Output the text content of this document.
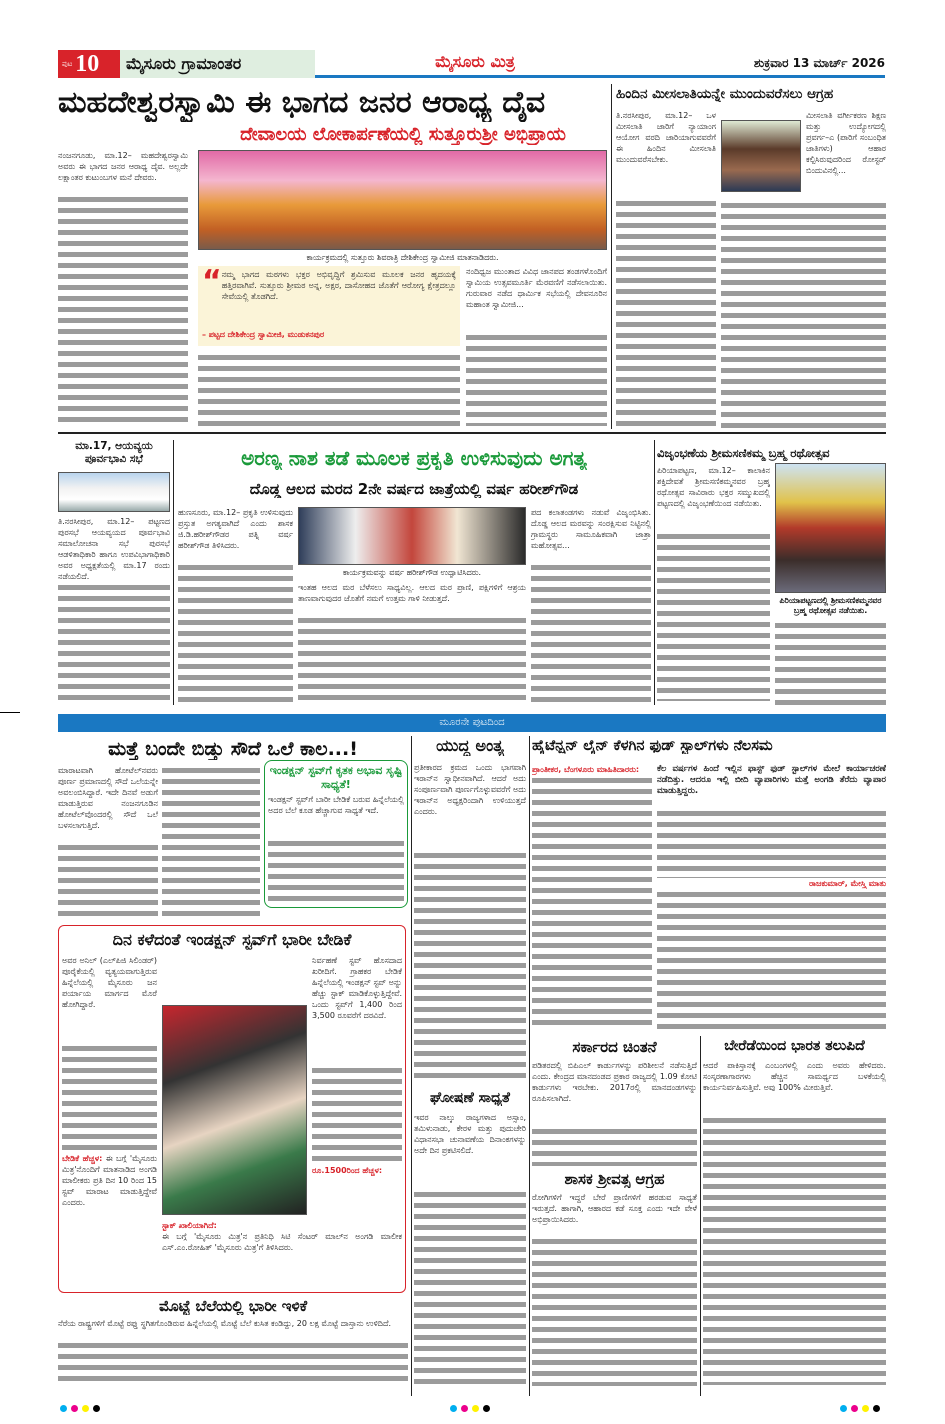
ಪುಟ 10 ಮೈಸೂರು ಗ್ರಾಮಾಂತರ	ಮೈಸೂರು ಮಿತ್ರ	ಶುಕ್ರವಾರ 13 ಮಾರ್ಚ್ 2026
ಮಹದೇಶ್ವರಸ್ವಾಮಿ ಈ ಭಾಗದ ಜನರ ಆರಾಧ್ಯ ದೈವ
ದೇವಾಲಯ ಲೋಕಾರ್ಪಣೆಯಲ್ಲಿ ಸುತ್ತೂರುಶ್ರೀ ಅಭಿಪ್ರಾಯ

ನಂಜನಗೂಡು, ಮಾ.12– ಮಹದೇಶ್ವರಸ್ವಾಮಿ ಅವರು ಈ ಭಾಗದ ಜನರ ಆರಾಧ್ಯ ದೈವ. ಅಲ್ಲದೇ ಲಕ್ಷಾಂತರ ಕುಟುಂಬಗಳ ಮನೆ ದೇವರು.

ಕಾರ್ಯಕ್ರಮದಲ್ಲಿ ಸುತ್ತೂರು ಶಿವರಾತ್ರಿ ದೇಶಿಕೇಂದ್ರ ಸ್ವಾಮೀಜಿ ಮಾತನಾಡಿದರು.
“ ನಮ್ಮ ಭಾಗದ ಮಠಗಳು ಭಕ್ತರ ಅಭಿವೃದ್ಧಿಗೆ ಶ್ರಮಿಸುವ ಮೂಲಕ ಜನರ ಹೃದಯಕ್ಕೆ ಹತ್ತಿರವಾಗಿವೆ. ಸುತ್ತೂರು ಶ್ರೀಮಠ ಅನ್ನ, ಅಕ್ಷರ, ದಾಸೋಹದ ಜೊತೆಗೆ ಆರೋಗ್ಯ ಕ್ಷೇತ್ರದಲ್ಲೂ ಸೇವೆಯಲ್ಲಿ ತೊಡಗಿದೆ.

– ಪಟ್ಟದ ದೇಶಿಕೇಂದ್ರ ಸ್ವಾಮೀಜಿ, ಮುಡುಕನಪುರ

ನಂದಿಧ್ವಜ ಮುಂತಾದ ವಿವಿಧ ಜಾನಪದ ತಂಡಗಳೊಂದಿಗೆ ಸ್ವಾಮಿಯ ಉತ್ಸವಮೂರ್ತಿ ಮೆರವಣಿಗೆ ನಡೆಸಲಾಯಿತು. ಗುರುವಾರ ನಡೆದ ಧಾರ್ಮಿಕ ಸಭೆಯಲ್ಲಿ ದೇವನೂರಿನ ಮಹಾಂತ ಸ್ವಾಮೀಜಿ...

ಹಿಂದಿನ ಮೀಸಲಾತಿಯನ್ನೇ ಮುಂದುವರೆಸಲು ಆಗ್ರಹ

ತಿ.ನರಸೀಪುರ, ಮಾ.12– ಒಳ ಮೀಸಲಾತಿ ಜಾರಿಗೆ ನ್ಯಾಯಾಂಗ ಆಯೋಗ ವರದಿ ಜಾರಿಯಾಗುವವರೆಗೆ ಈ ಹಿಂದಿನ ಮೀಸಲಾತಿ ಮುಂದುವರೆಸಬೇಕು.

ಮೀಸಲಾತಿ ವರ್ಗೀಕರಣ ಶಿಕ್ಷಣ ಮತ್ತು ಉದ್ಯೋಗದಲ್ಲಿ ಪ್ರವರ್ಗ–ಎ (ಪಾರಿಗೆ ಸಂಬಂಧಿತ ಜಾತಿಗಳು) ಆಹಾರ ಕಲ್ಪಿಸಿರುವುದರಿಂದ ರೋಸ್ಟರ್ ಬಿಂದುವಿನಲ್ಲಿ...

ಮಾ.17, ಆಯವ್ಯಯ ಪೂರ್ವಭಾವಿ ಸಭೆ

ತಿ.ನರಸೀಪುರ, ಮಾ.12– ಪಟ್ಟಣದ ಪುರಸಭೆ ಆಯವ್ಯಯದ ಪೂರ್ವಭಾವಿ ಸಮಾಲೋಚನಾ ಸಭೆ ಪುರಸಭೆ ಆಡಳಿತಾಧಿಕಾರಿ ಹಾಗೂ ಉಪವಿಭಾಗಾಧಿಕಾರಿ ಅವರ ಅಧ್ಯಕ್ಷತೆಯಲ್ಲಿ ಮಾ.17 ರಂದು ನಡೆಯಲಿದೆ.

ಅರಣ್ಯ ನಾಶ ತಡೆ ಮೂಲಕ ಪ್ರಕೃತಿ ಉಳಿಸುವುದು ಅಗತ್ಯ
ದೊಡ್ಡ ಆಲದ ಮರದ 2ನೇ ವರ್ಷದ ಜಾತ್ರೆಯಲ್ಲಿ ವರ್ಷ ಹರೀಶ್‌ಗೌಡ

ಹುಣಸೂರು, ಮಾ.12– ಪ್ರಕೃತಿ ಉಳಿಸುವುದು ಪ್ರಸ್ತುತ ಅಗತ್ಯವಾಗಿದೆ ಎಂದು ಶಾಸಕ ಜಿ.ಡಿ.ಹರೀಶ್‌ಗೌಡರ ಪತ್ನಿ ವರ್ಷ ಹರೀಶ್‌ಗೌಡ ತಿಳಿಸಿದರು.

ಕಾರ್ಯಕ್ರಮವನ್ನು ವರ್ಷ ಹರೀಶ್‌ಗೌಡ ಉದ್ಘಾಟಿಸಿದರು.

ಇಂತಹ ಆಲದ ಮರ ಬೆಳೆಸಲು ಸಾಧ್ಯವಿಲ್ಲ. ಆಲದ ಮರ ಪ್ರಾಣಿ, ಪಕ್ಷಿಗಳಿಗೆ ಆಶ್ರಯ ತಾಣವಾಗುವುದರ ಜೊತೆಗೆ ನಮಗೆ ಉತ್ತಮ ಗಾಳಿ ನೀಡುತ್ತದೆ.

ಪದ ಕಲಾತಂಡಗಳು ನಡುವೆ ವಿಜೃಂಭಿಸಿತು. ದೊಡ್ಡ ಆಲದ ಮರವನ್ನು ಸಂರಕ್ಷಿಸುವ ನಿಟ್ಟಿನಲ್ಲಿ ಗ್ರಾಮಸ್ಥರು ಸಾಮೂಹಿಕವಾಗಿ ಜಾತ್ರಾ ಮಹೋತ್ಸವ...

ವಿಜೃಂಭಣೆಯ ಶ್ರೀಮಸಣಿಕಮ್ಮ ಬ್ರಹ್ಮ ರಥೋತ್ಸವ

ಪಿರಿಯಾಪಟ್ಟಣ, ಮಾ.12– ಕಾಲಾಕಿನ ಶಕ್ತಿದೇವತೆ ಶ್ರೀಮಸಣಿಕಮ್ಮನವರ ಬ್ರಹ್ಮ ರಥೋತ್ಸವ ಸಾವಿರಾರು ಭಕ್ತರ ಸಮ್ಮುಖದಲ್ಲಿ ಪಟ್ಟಣದಲ್ಲಿ ವಿಜೃಂಭಣೆಯಿಂದ ನಡೆಯಿತು.

ಪಿರಿಯಾಪಟ್ಟಣದಲ್ಲಿ ಶ್ರೀಮಸಣಿಕಮ್ಮನವರ ಬ್ರಹ್ಮ ರಥೋತ್ಸವ ನಡೆಯಿತು.
ಮೂರನೇ ಪುಟದಿಂದ
ಮತ್ತೆ ಬಂದೇ ಬಿಡ್ತು ಸೌದೆ ಒಲೆ ಕಾಲ...!

ಮಾರಾಟವಾಗಿ ಹೋಟೆಲ್‌ನವರು ಪೂರ್ಣ ಪ್ರಮಾಣದಲ್ಲಿ ಸೌದೆ ಒಲೆಯನ್ನೇ ಅವಲಂಬಿಸಿದ್ದಾರೆ. ಇದೇ ದಿನವೆ ಅಡುಗೆ ಮಾಡುತ್ತಿರುವ ನಂಜನಗೂಡಿನ ಹೋಟೆಲ್‌ವೊಂದರಲ್ಲಿ ಸೌದೆ ಒಲೆ ಬಳಸಲಾಗುತ್ತಿದೆ.

ಇಂಡಕ್ಷನ್ ಸ್ಟವ್‌ಗೆ ಕೃತಕ ಅಭಾವ ಸೃಷ್ಟಿ ಸಾಧ್ಯತೆ!

ಇಂಡಕ್ಷನ್ ಸ್ಟವ್‌ಗೆ ಬಾರೀ ಬೇಡಿಕೆ ಬರುವ ಹಿನ್ನೆಲೆಯಲ್ಲಿ ಅದರ ಬೆಲೆ ಕೂಡ ಹೆಚ್ಚಾಗುವ ಸಾಧ್ಯತೆ ಇದೆ.

ದಿನ ಕಳೆದಂತೆ ಇಂಡಕ್ಷನ್ ಸ್ಟವ್‌ಗೆ ಭಾರೀ ಬೇಡಿಕೆ

ಅವರ ಅನಿಲ್ (ಎಲ್‌ಪಿಜಿ ಸಿಲಿಂಡರ್) ಪೂರೈಕೆಯಲ್ಲಿ ವ್ಯತ್ಯಯವಾಗುತ್ತಿರುವ ಹಿನ್ನೆಲೆಯಲ್ಲಿ ಮೈಸೂರು ಜನ ಪರ್ಯಾಯ ಮಾರ್ಗದ ಮೊರೆ ಹೋಗಿದ್ದಾರೆ.

ಬೇಡಿಕೆ ಹೆಚ್ಚಳ: ಈ ಬಗ್ಗೆ 'ಮೈಸೂರು ಮಿತ್ರ'ನೊಂದಿಗೆ ಮಾತನಾಡಿದ ಅಂಗಡಿ ಮಾಲೀಕರು ಪ್ರತಿ ದಿನ 10 ರಿಂದ 15 ಸ್ಟವ್ ಮಾರಾಟ ಮಾಡುತ್ತಿದ್ದೇವೆ ಎಂದರು.

ನಿರ್ವಹಣೆ ಸ್ಟವ್ ಹೊಸದಾದ ಖರೀದಿಗೆ. ಗ್ರಾಹಕರ ಬೇಡಿಕೆ ಹಿನ್ನೆಲೆಯಲ್ಲಿ ಇಂಡಕ್ಷನ್ ಸ್ಟವ್ ಅನ್ನು ಹೆಚ್ಚು ಸ್ಟಾಕ್ ಮಾಡಿಕೊಳ್ಳುತ್ತಿದ್ದೇವೆ. ಒಂದು ಸ್ಟವ್‌ಗೆ 1,400 ರಿಂದ 3,500 ರೂವರೆಗೆ ದರವಿದೆ.

ರೂ.1500ರಿಂದ ಹೆಚ್ಚಳ:

ಸ್ಟಾಕ್ ಖಾಲಿಯಾಗಿದೆ:

ಈ ಬಗ್ಗೆ 'ಮೈಸೂರು ಮಿತ್ರ'ನ ಪ್ರತಿನಿಧಿ ಸಿಟಿ ಸೆಂಟರ್ ಮಾಲ್‌ನ ಅಂಗಡಿ ಮಾಲೀಕ ಎಸ್.ಎಂ.ರೋಹಿತ್ 'ಮೈಸೂರು ಮಿತ್ರ'ಗೆ ತಿಳಿಸಿದರು.

ಮೊಟ್ಟೆ ಬೆಲೆಯಲ್ಲಿ ಭಾರೀ ಇಳಿಕೆ

ನೆರೆಯ ರಾಷ್ಟ್ರಗಳಿಗೆ ಮೊಟ್ಟೆ ರಫ್ತು ಸ್ಥಗಿತಗೊಂಡಿರುವ ಹಿನ್ನೆಲೆಯಲ್ಲಿ ಮೊಟ್ಟೆ ಬೆಲೆ ಕುಸಿತ ಕಂಡಿದ್ದು, 20 ಲಕ್ಷ ಮೊಟ್ಟೆ ದಾಸ್ತಾನು ಉಳಿದಿದೆ.

ಯುದ್ಧ ಅಂತ್ಯ

ಪ್ರತೀಕಾರದ ಕ್ರಮದ ಒಂದು ಭಾಗವಾಗಿ ಇರಾನ್‌ನ ಸ್ವಾಧೀನವಾಗಿದೆ. ಆದರೆ ಅದು ಸಂಪೂರ್ಣವಾಗಿ ಪೂರ್ಣಗೊಳ್ಳುವವರೆಗೆ ಅದು ಇರಾನ್‌ನ ಅಧ್ಯಕ್ಷರಿಂದಾಗಿ ಉಳಿಯುತ್ತದೆ ಎಂದರು.

ಘೋಷಣೆ ಸಾಧ್ಯತೆ

ಇವರ ನಾಲ್ಕು ರಾಜ್ಯಗಳಾದ ಅಸ್ಸಾಂ, ತಮಿಳುನಾಡು, ಕೇರಳ ಮತ್ತು ಪುದುಚೇರಿ ವಿಧಾನಸಭಾ ಚುನಾವಣೆಯ ದಿನಾಂಕಗಳನ್ನು ಅದೇ ದಿನ ಪ್ರಕಟಿಸಲಿದೆ.

ಹೈಟೆನ್ಷನ್ ಲೈನ್ ಕೆಳಗಿನ ಫುಡ್ ಸ್ಟಾಲ್‌ಗಳು ನೆಲಸಮ

ಪ್ರಾಂತೀಕರ, ಬೆಂಗಳೂರು ಮಾಹಿತಿದಾರರು:	ಕೆಲ ವರ್ಷಗಳ ಹಿಂದೆ ಇಲ್ಲಿನ ಫಾಸ್ಟ್ ಫುಡ್ ಸ್ಟಾಲ್‌ಗಳ ಮೇಲೆ ಕಾರ್ಯಾಚರಣೆ ನಡೆದಿತ್ತು. ಆದರೂ ಇಲ್ಲಿ ಬೀದಿ ವ್ಯಾಪಾರಿಗಳು ಮತ್ತೆ ಅಂಗಡಿ ತೆರೆದು ವ್ಯಾಪಾರ ಮಾಡುತ್ತಿದ್ದರು.

ರಾಜಕುಮಾರ್, ಮೇಸ್ತ್ರಿ ಮಾತು

ಸರ್ಕಾರದ ಚಿಂತನೆ

ಪಡಿತರದಲ್ಲಿ ಬಿಪಿಎಲ್ ಕಾರ್ಡುಗಳನ್ನು ಪರಿಶೀಲನೆ ನಡೆಸುತ್ತಿದೆ ಎಂದು. ಕೇಂದ್ರದ ಮಾನದಂಡದ ಪ್ರಕಾರ ರಾಜ್ಯದಲ್ಲಿ 1.09 ಕೋಟಿ ಕಾರ್ಡುಗಳು ಇರಬೇಕು. 2017ರಲ್ಲಿ ಮಾನದಂಡಗಳನ್ನು ರೂಪಿಸಲಾಗಿದೆ.

ಶಾಸಕ ಶ್ರೀವತ್ಸ ಆಗ್ರಹ

ರೋಗಿಗಳಿಗೆ ಇದ್ದರೆ ಬೇರೆ ಪ್ರಾಣಿಗಳಿಗೆ ಹರಡುವ ಸಾಧ್ಯತೆ ಇರುತ್ತದೆ. ಹಾಗಾಗಿ, ಆಹಾರದ ಕಡೆ ಸೂಕ್ತ ಎಂದು ಇದೇ ವೇಳೆ ಅಭಿಪ್ರಾಯಿಸಿದರು.

ಬೇರೆಡೆಯಿಂದ ಭಾರತ ತಲುಪಿದೆ

ಆದರೆ ಪಾಕಿಸ್ತಾನಕ್ಕೆ ಎಂಬಂಗಳಲ್ಲಿ ಎಂದು ಅವರು ಹೇಳಿದರು. ಸಂಸ್ಕರಣಾಗಾರಗಳು ಹೆಚ್ಚಿನ ಸಾಮರ್ಥ್ಯದ ಬಳಕೆಯಲ್ಲಿ ಕಾರ್ಯನಿರ್ವಹಿಸುತ್ತಿವೆ. ಅವು 100% ಮೀರುತ್ತಿವೆ.
